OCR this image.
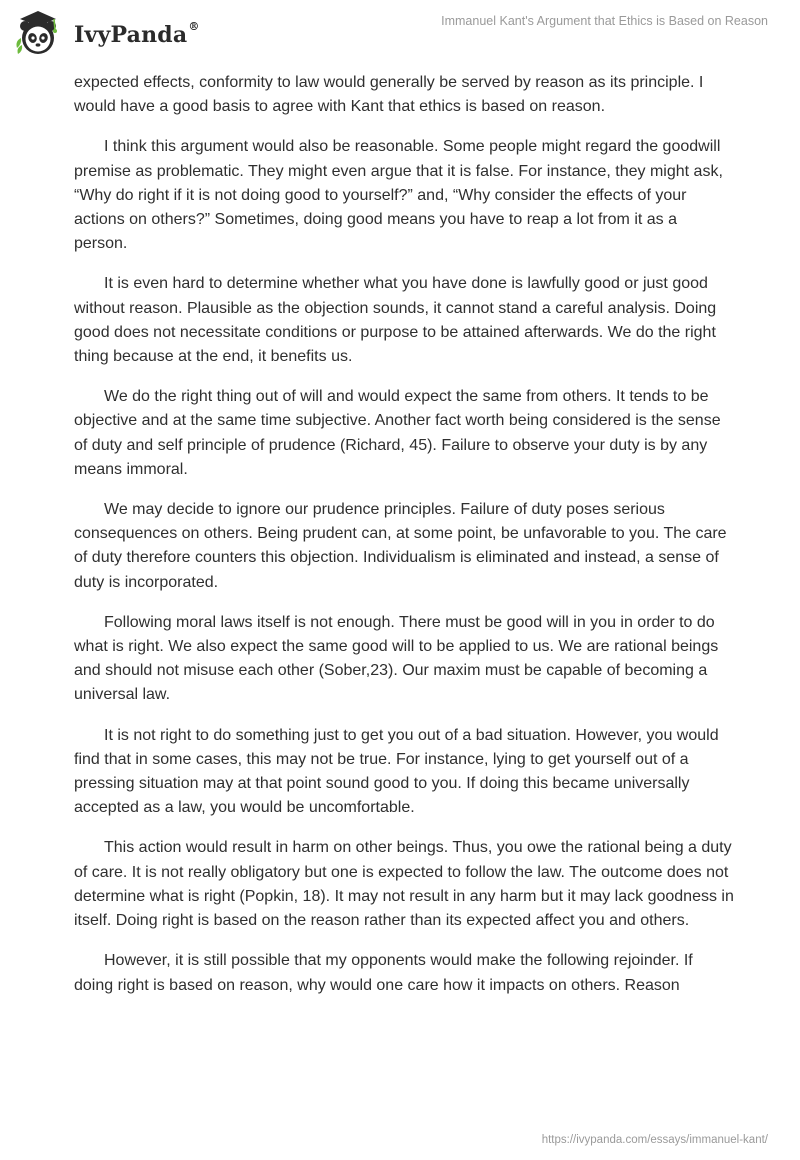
IvyPanda®	Immanuel Kant's Argument that Ethics is Based on Reason

expected effects, conformity to law would generally be served by reason as its principle. I would have a good basis to agree with Kant that ethics is based on reason.

I think this argument would also be reasonable. Some people might regard the goodwill premise as problematic. They might even argue that it is false. For instance, they might ask, “Why do right if it is not doing good to yourself?” and, “Why consider the effects of your actions on others?” Sometimes, doing good means you have to reap a lot from it as a person.

It is even hard to determine whether what you have done is lawfully good or just good without reason. Plausible as the objection sounds, it cannot stand a careful analysis. Doing good does not necessitate conditions or purpose to be attained afterwards. We do the right thing because at the end, it benefits us.

We do the right thing out of will and would expect the same from others. It tends to be objective and at the same time subjective. Another fact worth being considered is the sense of duty and self principle of prudence (Richard, 45). Failure to observe your duty is by any means immoral.

We may decide to ignore our prudence principles. Failure of duty poses serious consequences on others. Being prudent can, at some point, be unfavorable to you. The care of duty therefore counters this objection. Individualism is eliminated and instead, a sense of duty is incorporated.

Following moral laws itself is not enough. There must be good will in you in order to do what is right. We also expect the same good will to be applied to us. We are rational beings and should not misuse each other (Sober,23). Our maxim must be capable of becoming a universal law.

It is not right to do something just to get you out of a bad situation. However, you would find that in some cases, this may not be true. For instance, lying to get yourself out of a pressing situation may at that point sound good to you. If doing this became universally accepted as a law, you would be uncomfortable.

This action would result in harm on other beings. Thus, you owe the rational being a duty of care. It is not really obligatory but one is expected to follow the law. The outcome does not determine what is right (Popkin, 18). It may not result in any harm but it may lack goodness in itself. Doing right is based on the reason rather than its expected affect you and others.

However, it is still possible that my opponents would make the following rejoinder. If doing right is based on reason, why would one care how it impacts on others. Reason

https://ivypanda.com/essays/immanuel-kant/
